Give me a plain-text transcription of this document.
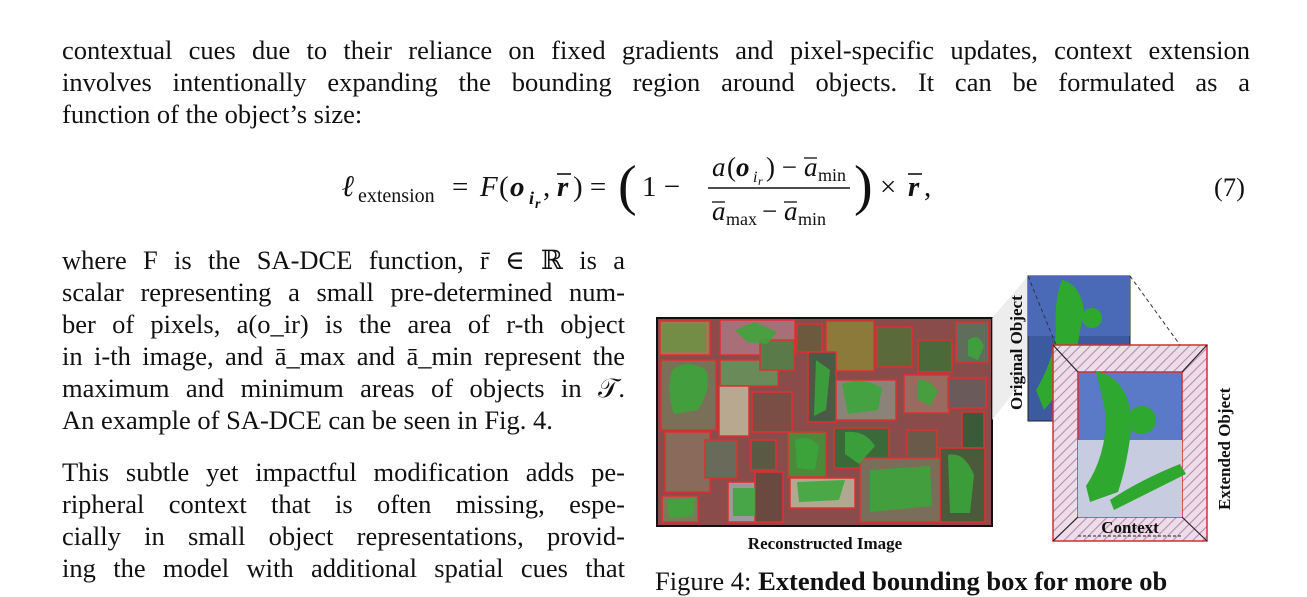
contextual cues due to their reliance on fixed gradients and pixel-specific updates, context extension
involves intentionally expanding the bounding region around objects. It can be formulated as a
function of the object’s size:
ℓ extension = F ( o i r
, r ) = ( 1 −
a ( o i r ) − a min
a max − a min
) × r ,	(7)
where F is the SA-DCE function, r̄ ∈ ℝ is a
scalar representing a small pre-determined num-
ber of pixels, a(o_ir) is the area of r-th object
in i-th image, and ā_max and ā_min represent the
maximum and minimum areas of objects in 𝒯.
An example of SA-DCE can be seen in Fig. 4.
This subtle yet impactful modification adds pe-
ripheral context that is often missing, espe-
cially in small object representations, provid-
ing the model with additional spatial cues that
Reconstructed Image
Original Object
Context
Extended Object
Figure 4: Extended bounding box for more ob
